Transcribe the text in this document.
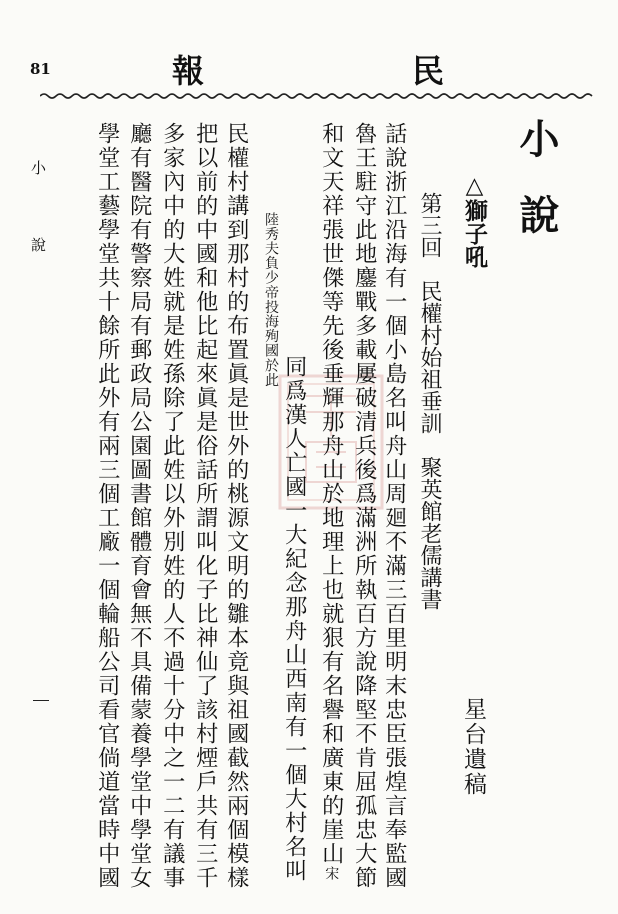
81	報	民
小說
△獅子吼
第三回民權村始祖垂訓聚英館老儒講書
星台遺稿
話說浙江沿海有一個小島名叫舟山周廻不滿三百里明末忠臣張煌言奉監國
魯王駐守此地鏖戰多載屢破清兵後爲滿洲所執百方說降堅不肯屈孤忠大節
和文天祥張世傑等先後垂輝那舟山於地理上也就狠有名譽和廣東的崖山宋
陸秀夫負少帝投海殉國於此
同爲漢人亡國一大紀念那舟山西南有一個大村名叫
民權村講到那村的布置眞是世外的桃源文明的雛本竟與祖國截然兩個模樣
把以前的中國和他比起來眞是俗話所謂叫化子比神仙了該村煙戶共有三千
多家內中的大姓就是姓孫除了此姓以外別姓的人不過十分中之一二有議事
廳有醫院有警察局有郵政局公園圖書館體育會無不具備蒙養學堂中學堂女
學堂工藝學堂共十餘所此外有兩三個工廠一個輪船公司看官倘道當時中國
小說
